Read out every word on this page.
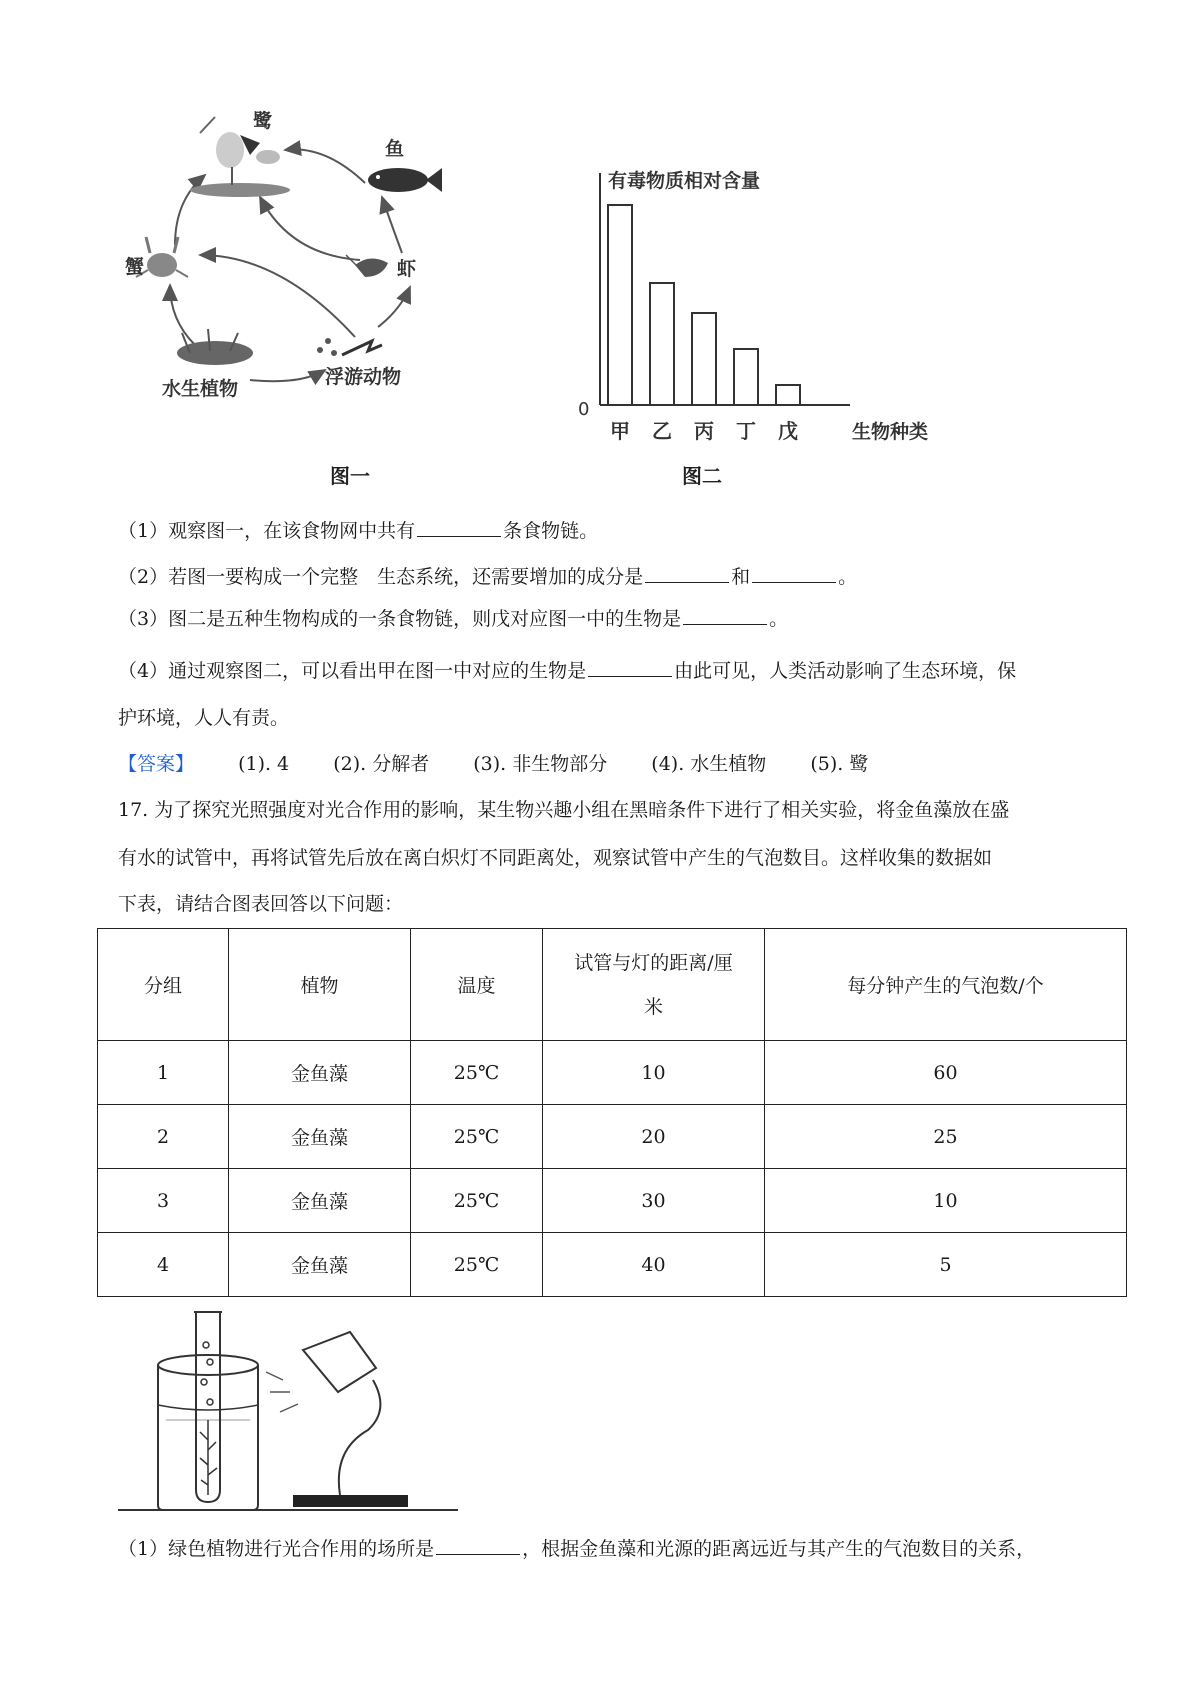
鹭
鱼
虾
蟹
水生植物
浮游动物
图一
有毒物质相对含量
0
生物种类
甲 乙 丙 丁 戊
图二
（1）观察图一，在该食物网中共有	条食物链。
（2）若图一要构成一个完整　生态系统，还需要增加的成分是	和	。
（3）图二是五种生物构成的一条食物链，则戊对应图一中的生物是	。
（4）通过观察图二，可以看出甲在图一中对应的生物是	由此可见，人类活动影响了生态环境，保
护环境，人人有责。
【答案】 (1). 4 (2). 分解者 (3). 非生物部分 (4). 水生植物 (5). 鹭
17. 为了探究光照强度对光合作用的影响，某生物兴趣小组在黑暗条件下进行了相关实验，将金鱼藻放在盛
有水的试管中，再将试管先后放在离白炽灯不同距离处，观察试管中产生的气泡数目。这样收集的数据如
下表，请结合图表回答以下问题：
分组	植物	温度	试管与灯的距离/厘
米	每分钟产生的气泡数/个
1	金鱼藻	25℃	10	60
2	金鱼藻	25℃	20	25
3	金鱼藻	25℃	30	10
4	金鱼藻	25℃	40	5
（1）绿色植物进行光合作用的场所是	，根据金鱼藻和光源的距离远近与其产生的气泡数目的关系，
